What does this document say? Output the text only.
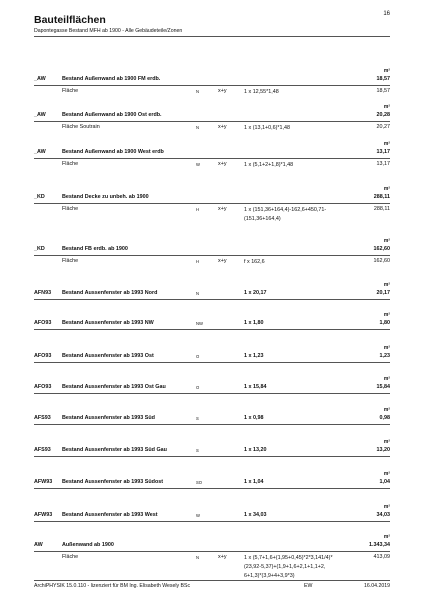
Bauteilflächen
Dapontegasse Bestand MFH ab 1900 - Alle Gebäudeteile/Zonen
16
m²
_AW	Bestand Außenwand ab 1900 FM erdb.	18,57
Fläche	N	x+y	1 x 12,55*1,48	18,57
m²
_AW	Bestand Außenwand ab 1900 Ost erdb.	20,28
Fläche Soutrain	N	x+y	1 x (13,1+0,6)*1,48	20,27
m²
_AW	Bestand Außenwand ab 1900 West erdb	13,17
Fläche	W	x+y	1 x (5,1+2+1,8)*1,48	13,17
m²
_KD	Bestand Decke zu unbeh. ab 1900	288,11
Fläche	H	x+y	1 x (151,36+164,4)-162,6+450,71-
(151,36+164,4)
288,11
m²
_KD	Bestand FB erdb. ab 1900	162,60
Fläche	H	x+y	f x 162,6	162,60
m²
AFN93 Bestand Aussenfenster ab 1993 Nord	N	1 x 20,17	20,17
m²
AFO93 Bestand Aussenfenster ab 1993 NW	NW	1 x 1,80	1,80
m²
AFO93 Bestand Aussenfenster ab 1993 Ost	O	1 x 1,23	1,23
m²
AFO93 Bestand Aussenfenster ab 1993 Ost Gau	O	1 x 15,84	15,84
m²
AFS93 Bestand Aussenfenster ab 1993 Süd	S	1 x 0,98	0,98
m²
AFS93 Bestand Aussenfenster ab 1993 Süd Gau	S	1 x 13,20	13,20
m²
AFW93 Bestand Aussenfenster ab 1993 Südost	SO	1 x 1,04	1,04
m²
AFW93 Bestand Aussenfenster ab 1993 West	W	1 x 34,03	34,03
m²
AW	Außenwand ab 1900	1.343,34
Fläche	N	x+y	1 x (5,7+1,6+(1,95+0,45)*2*3,141/4)*
(23,92-5,37)+(1,9+1,6+2,1+1,1+2,
6+1,3)*(3,9+4+3,9*3)
413,09
ArchiPHYSIK 15.0.110 - lizenziert für BM Ing. Elisabeth Wesely BSc	EW	16.04.2019
